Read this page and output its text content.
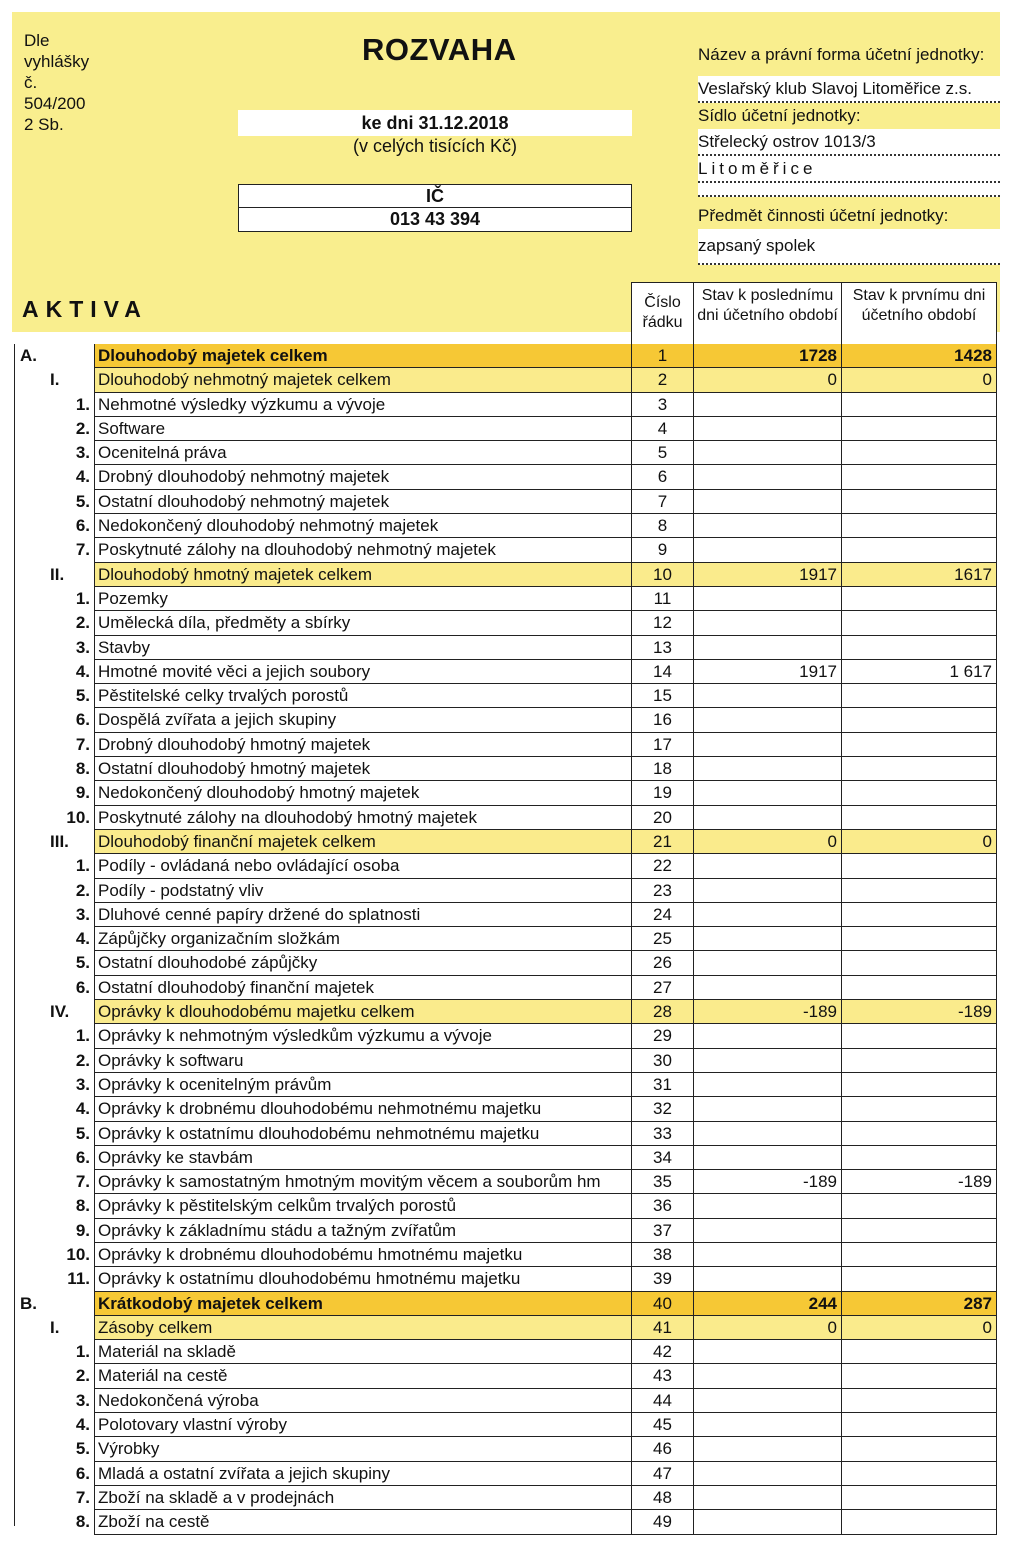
Dle
vyhlášky
č.
504/200
2 Sb.
ROZVAHA
ke dni 31.12.2018
(v celých tisících Kč)
IČ
013 43 394
Název a právní forma účetní jednotky:
Veslařský klub Slavoj Litoměřice z.s.
Sídlo účetní jednotky:
Střelecký ostrov 1013/3
Litoměřice
Předmět činnosti účetní jednotky:
zapsaný spolek
AKTIVA	Číslo řádku
Stav k poslednímu dni účetního období
Stav k prvnímu dni účetního období
A.	Dlouhodobý majetek celkem	1	1728	1428
I.	Dlouhodobý nehmotný majetek celkem	2	0	0
1. Nehmotné výsledky výzkumu a vývoje	3
2. Software	4
3. Ocenitelná práva	5
4. Drobný dlouhodobý nehmotný majetek	6
5. Ostatní dlouhodobý nehmotný majetek	7
6. Nedokončený dlouhodobý nehmotný majetek	8
7. Poskytnuté zálohy na dlouhodobý nehmotný majetek	9
II.	Dlouhodobý hmotný majetek celkem	10	1917	1617
1. Pozemky	11
2. Umělecká díla, předměty a sbírky	12
3. Stavby	13
4. Hmotné movité věci a jejich soubory	14	1917	1 617
5. Pěstitelské celky trvalých porostů	15
6. Dospělá zvířata a jejich skupiny	16
7. Drobný dlouhodobý hmotný majetek	17
8. Ostatní dlouhodobý hmotný majetek	18
9. Nedokončený dlouhodobý hmotný majetek	19
10. Poskytnuté zálohy na dlouhodobý hmotný majetek	20
III.	Dlouhodobý finanční majetek celkem	21	0	0
1. Podíly - ovládaná nebo ovládající osoba	22
2. Podíly - podstatný vliv	23
3. Dluhové cenné papíry držené do splatnosti	24
4. Zápůjčky organizačním složkám	25
5. Ostatní dlouhodobé zápůjčky	26
6. Ostatní dlouhodobý finanční majetek	27
IV.	Oprávky k dlouhodobému majetku celkem	28	-189	-189
1. Oprávky k nehmotným výsledkům výzkumu a vývoje	29
2. Oprávky k softwaru	30
3. Oprávky k ocenitelným právům	31
4. Oprávky k drobnému dlouhodobému nehmotnému majetku	32
5. Oprávky k ostatnímu dlouhodobému nehmotnému majetku	33
6. Oprávky ke stavbám	34
7. Oprávky k samostatným hmotným movitým věcem a souborům hm	35	-189	-189
8. Oprávky k pěstitelským celkům trvalých porostů	36
9. Oprávky k základnímu stádu a tažným zvířatům	37
10. Oprávky k drobnému dlouhodobému hmotnému majetku	38
11. Oprávky k ostatnímu dlouhodobému hmotnému majetku	39
B.	Krátkodobý majetek celkem	40	244	287
I.	Zásoby celkem	41	0	0
1. Materiál na skladě	42
2. Materiál na cestě	43
3. Nedokončená výroba	44
4. Polotovary vlastní výroby	45
5. Výrobky	46
6. Mladá a ostatní zvířata a jejich skupiny	47
7. Zboží na skladě a v prodejnách	48
8. Zboží na cestě	49
